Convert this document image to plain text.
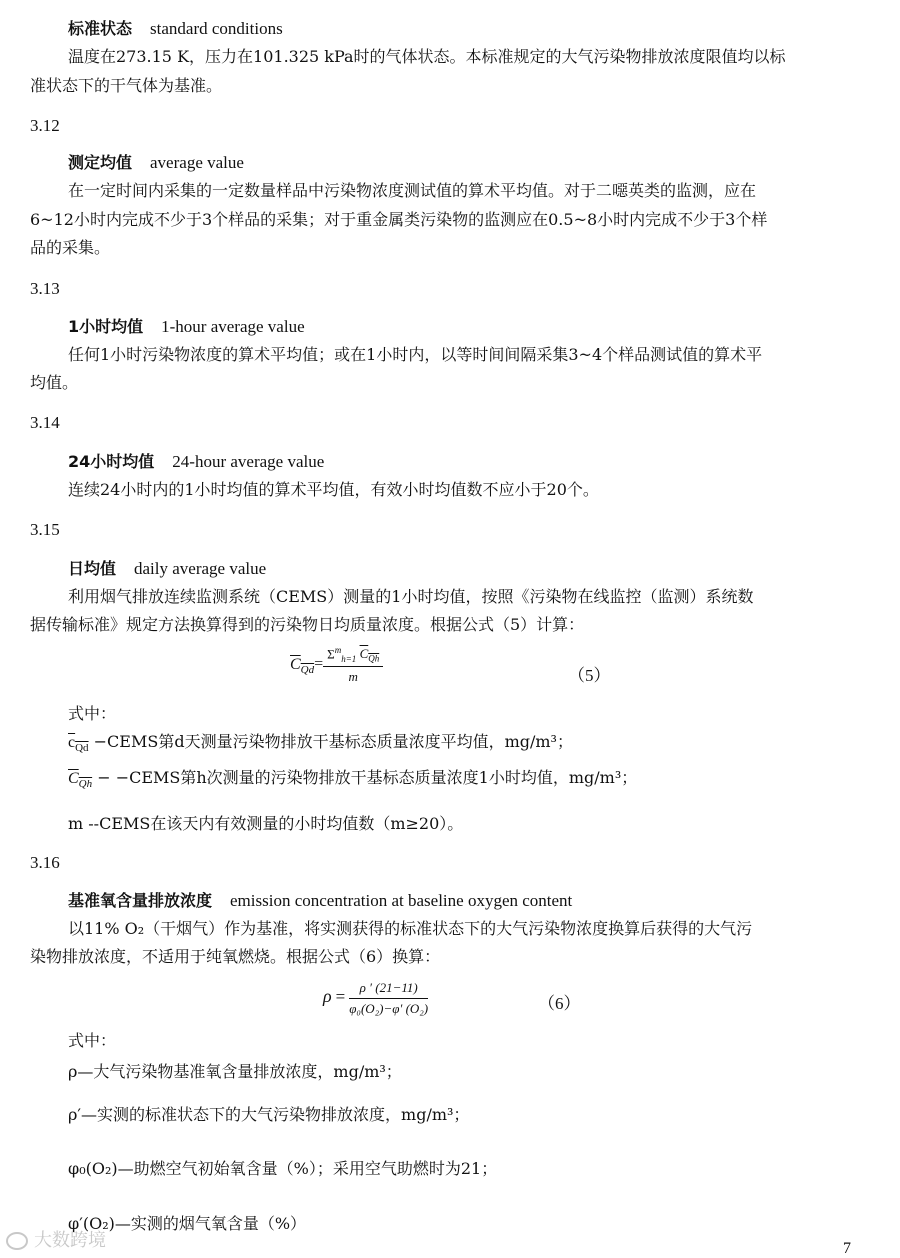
标准状态 standard conditions
温度在273.15 K，压力在101.325 kPa时的气体状态。本标准规定的大气污染物排放浓度限值均以标
准状态下的干气体为基准。
3.12
测定均值 average value
在一定时间内采集的一定数量样品中污染物浓度测试值的算术平均值。对于二噁英类的监测，应在
6~12小时内完成不少于3个样品的采集；对于重金属类污染物的监测应在0.5~8小时内完成不少于3个样
品的采集。
3.13
1小时均值 1-hour average value
任何1小时污染物浓度的算术平均值；或在1小时内，以等时间间隔采集3~4个样品测试值的算术平
均值。
3.14
24小时均值 24-hour average value
连续24小时内的1小时均值的算术平均值，有效小时均值数不应小于20个。
3.15
日均值 daily average value
利用烟气排放连续监测系统（CEMS）测量的1小时均值，按照《污染物在线监控（监测）系统数
据传输标准》规定方法换算得到的污染物日均质量浓度。根据公式（5）计算：
$C_{Qd}= \frac{\Sigma^m_{h=1} C_{Qh}}{m}$	（5）
式中：
$c_{Qd}$ −CEMS第d天测量污染物排放干基标态质量浓度平均值，mg/m³；
$C_{Qh}$ − −CEMS第h次测量的污染物排放干基标态质量浓度1小时均值，mg/m³；
m --CEMS在该天内有效测量的小时均值数（m≥20）。
3.16
基准氧含量排放浓度 emission concentration at baseline oxygen content
以11% O₂（干烟气）作为基准，将实测获得的标准状态下的大气污染物浓度换算后获得的大气污
染物排放浓度，不适用于纯氧燃烧。根据公式（6）换算：
$\rho = \frac{\rho ' (21-11)}{\text{φ₀(O₂)−φ′ (O₂)}}$	（6）
式中：
ρ—大气污染物基准氧含量排放浓度，mg/m³；
ρ′—实测的标准状态下的大气污染物排放浓度，mg/m³；
φ₀(O₂)—助燃空气初始氧含量（%）；采用空气助燃时为21；
φ′(O₂)—实测的烟气氧含量（%）
大数跨境	7
